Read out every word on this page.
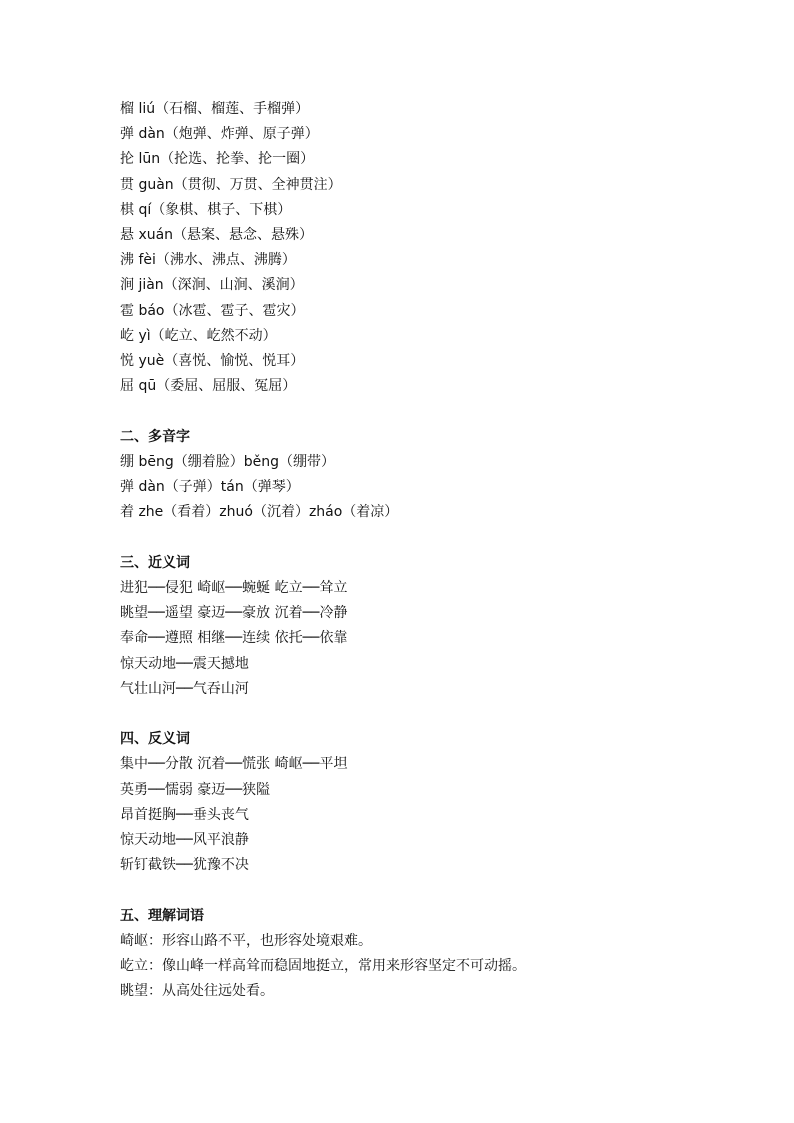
榴 liú（石榴、榴莲、手榴弹）
弹 dàn（炮弹、炸弹、原子弹）
抡 lūn（抡选、抡拳、抡一圈）
贯 guàn（贯彻、万贯、全神贯注）
棋 qí（象棋、棋子、下棋）
悬 xuán（悬案、悬念、悬殊）
沸 fèi（沸水、沸点、沸腾）
涧 jiàn（深涧、山涧、溪涧）
雹 báo（冰雹、雹子、雹灾）
屹 yì（屹立、屹然不动）
悦 yuè（喜悦、愉悦、悦耳）
屈 qū（委屈、屈服、冤屈）
二、多音字
绷 bēng（绷着脸）běng（绷带）
弹 dàn（子弹）tán（弹琴）
着 zhe（看着）zhuó（沉着）zháo（着凉）
三、近义词
进犯──侵犯 崎岖──蜿蜒 屹立──耸立
眺望──遥望 豪迈──豪放 沉着──冷静
奉命──遵照 相继──连续 依托──依靠
惊天动地──震天撼地
气壮山河──气吞山河
四、反义词
集中──分散 沉着──慌张 崎岖──平坦
英勇──懦弱 豪迈──狭隘
昂首挺胸──垂头丧气
惊天动地──风平浪静
斩钉截铁──犹豫不决
五、理解词语
崎岖：形容山路不平，也形容处境艰难。
屹立：像山峰一样高耸而稳固地挺立，常用来形容坚定不可动摇。
眺望：从高处往远处看。
